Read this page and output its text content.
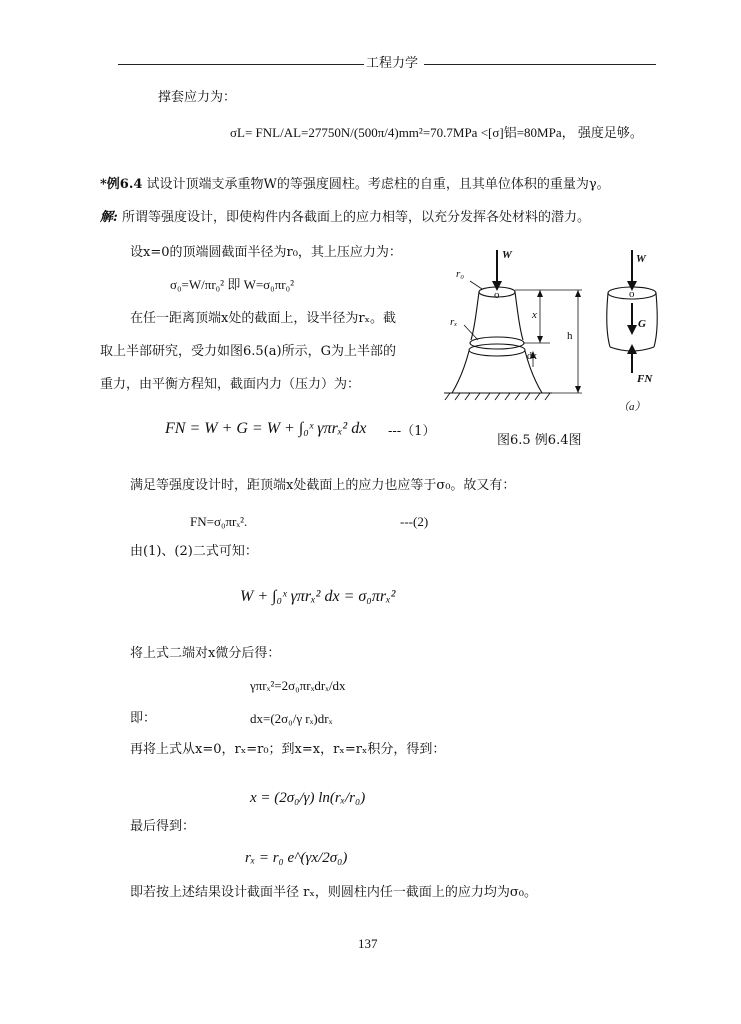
工程力学
撑套应力为：
σL= FNL/AL=27750N/(500π/4)mm²=70.7MPa <[σ]铝=80MPa， 强度足够。
*例6.4 试设计顶端支承重物W的等强度圆柱。考虑柱的自重，且其单位体积的重量为γ。
解: 所谓等强度设计，即使构件内各截面上的应力相等，以充分发挥各处材料的潜力。
设x=0的顶端圆截面半径为r₀，其上压应力为：
σ₀=W/πr₀² 即 W=σ₀πr₀²
在任一距离顶端x处的截面上，设半径为rₓ。截
取上半部研究，受力如图6.5(a)所示，G为上半部的
重力，由平衡方程知，截面内力（压力）为：
FN = W + G = W + ∫₀ˣ γπrₓ² dx ---（1）
W	W
r₀
rₓ
o	o
x
h
dx
G
FN
（a）
图6.5 例6.4图
满足等强度设计时，距顶端x处截面上的应力也应等于σ₀。故又有：
FN=σ₀πrₓ².	---(2)
由(1)、(2)二式可知：
W + ∫₀ˣ γπrₓ² dx = σ₀πrₓ²
将上式二端对x微分后得：
γπrₓ²=2σ₀πrₓdrₓ/dx
即：	dx=(2σ₀/γ rₓ)drₓ
再将上式从x=0，rₓ=r₀；到x=x，rₓ=rₓ积分，得到：
x = (2σ₀/γ) ln(rₓ/r₀)
最后得到：
rₓ = r₀ e^(γx/2σ₀)
即若按上述结果设计截面半径 rₓ，则圆柱内任一截面上的应力均为σ₀。
137
